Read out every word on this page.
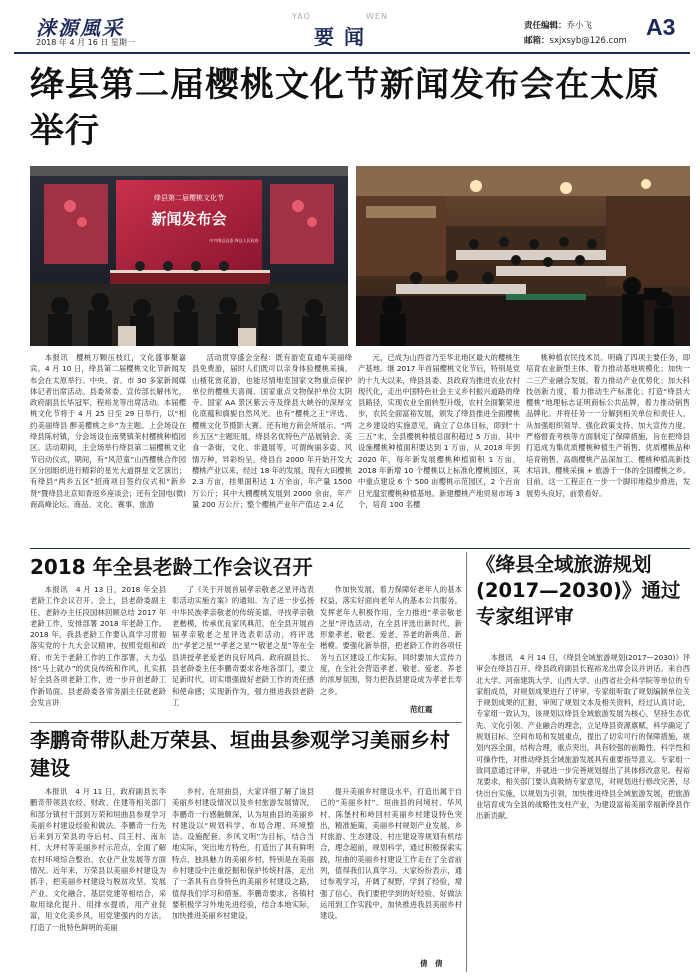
涞源風采
2018 年 4 月 16 日 星期一
YAO	WEN
要闻	责任编辑：乔小飞
邮箱：sxjxsyb@126.com
A3
绛县第二届樱桃文化节新闻发布会在太原举行
绛县第二届樱桃文化节
新闻发布会
中共绛县县委 绛县人民政府

本报讯　樱桃万颗压枝红，文化盛事聚嘉宾。4 月 10 日，绛县第二届樱桃文化节新闻发布会在太原举行。中央、省、市 30 多家新闻媒体记者出席活动。县委常委、宣传部长解伟光，政府副县长毕冠军，程裕龙等出席活动。本届樱桃文化节将于 4 月 25 日至 29 日举行，以“相约美丽绛县 醉美樱桃之乡”为主题。上会场设在绛县陈村镇，分会场设在南樊镇茉村樱桃种植园区。活动期间，主会场举行绛县第二届樱桃文化节启动仪式，期间，有“风范童”山西樱桃合作园区分园组织进行精彩的星光大道群星文艺演出；有绛县“两乡五区”招商项目签约仪式和“新乡贤”暨绛县北京知青返乡座谈会；还有全国电(微)商高峰论坛。商品、文化、赛事、旅游

活动贯穿盛会全程：既有游览直通车美丽绛县免费游，届时人们既可以亲身体验樱桃采摘，山楂花赏花游，也能尽情地览国家文物重点保护单位的樱桃天喜阁、国家重点文物保护单位太阴寺、国家 AA 景区紫云寺及绛县大峡谷的深厚文化底蕴和旖旎自然风光。也有“樱桃之王”评选、樱桃文化节摄影大赛、还有地方商会所展示、“两乡五区”主题旺展，绛县名优特色产品展销会、美食一条街，文化、非遗展等，可谓绚丽多姿、风情万种，异彩纷呈。绛县自 2000 年开始开发大樱桃产业以来，经过 18 年的发展，现有大田樱桃 2.3 万亩，挂果面积达 1 万余亩，年产量 1500 万公斤；其中大棚樱桃发展到 2000 余亩，年产量 200 万公斤；整个樱桃产业年产值达 2.4 亿

元，已成为山西省乃至华北地区最大的樱桃生产基地。继 2017 年首届樱桃文化节后，特别是党的十九大以来，绛县县委、县政府为推进农业农村现代化，走出中国特色社会主义乡村振兴道路的绛县路径，实现农业全面转型升级，农村全面繁荣进步，农民全面富裕发展，颁发了绛县推进全面樱桃之乡建设的实施意见，确立了总体目标，即到“十三五”末，全县樱桃种植总面积超过 5 万亩，其中设施樱桃种植面积要达到 1 万亩，从 2018 年到 2020 年，每年新发展樱桃种植面积 1 万亩，2018 年新增 10 个樱桃以上标准化樱桃园区，其中重点建设 6 个 500 亩樱桃示范园区，2 个百亩日光温室樱桃种植基地。新建樱桃产地贸易市场 3 个，培育 100 名樱

桃种植农民技术员。明确了四项主要任务，即培育农业新型主体，着力推动基地规模化；加快一二三产业融合发展，着力推动产业优势化；加大科技创新力度，着力推动生产标准化；打造“绛县大樱桃”地理标志证明商标公共品牌，着力推动销售品牌化。并将任务一一分解到相关单位和责任人，从加强组织领导、强化政策支持、加大宣传力度、严格督查考核等方面制定了保障措施，旨在把绛县打造成为集优质樱桃种植生产销售、优质樱桃品种培育销售、高端樱桃产品深加工、樱桃种植高新技术培训、樱桃采摘 + 旅游于一体的全国樱桃之乡。目前，这一工程正在一步一个脚印地稳步推进，发展势头良好，前景看好。

2018 年全县老龄工作会议召开

本报讯　4 月 13 日，2018 年全县老龄工作会议召开。会上，县老龄委副主任、老龄办主任段国林回顾总结 2017 年老龄工作，安排部署 2018 年老龄工作。2018 年，我县老龄工作要认真学习贯彻落实党的十九大会议精神，按照党组和政府、市关于老龄工作的工作部署，大力弘扬“马上就办”的优良传统和作风，扎实抓好全县各项老龄工作，进一步开创老龄工作新局面。县老龄委各常务副主任就老龄会发言讲

了《关于开展首届孝亲敬老之星评选表彰活动实施方案》的通知。为了进一步弘扬中华民族孝亲敬老的传统美德，寻找孝亲敬老楷模，传承优良家风典范，在全县开展首届孝亲敬老之星评选表彰活动，将评选出“孝老之星”“孝老之星”“敬老之星”等在全县讲授孝老爱老的良好风尚。政府副县长、县老龄委主任李鹏奇要求各地各部门，要立足新时代，切实增强做好老龄工作的责任感和使命感；实现新作为，强力推进我县老龄工

作加快发展，着力保障好老年人的基本权益，落实好面向老年人的基本公共服务，发挥老年人积极作用，全力推进“孝亲敬老之星”评选活动，在全县评选出新时代、新形象孝老、敬老、爱老、养老的新典范、新楷模。要强化新举措，把老龄工作的各项任务与五区建设工作实际，同时要加大宣传力度，在全社会营造孝老、敬老、爱老、养老的浓厚氛围，努力把我县建设成为孝老长寿之乡。

范红霞
李鹏奇带队赴万荣县、垣曲县参观学习美丽乡村建设

本报讯　4 月 11 日，政府副县长李鹏奇带领县农经、财政、住建等相关部门和部分镇村干部到万荣和垣曲县参观学习美丽乡村建设经验和做法。李鹏奇一行先后来到万荣县的寺后村、闫王村、南东村、大坪村等美丽乡村示范点，全面了解农村环境综合整治、农业产业发展等方面情况。近年来，万荣县以美丽乡村建设为抓手，把美丽乡村建设与脱贫攻坚、发展产业、文化融合、基层党建等相结合，采取用绿化提升、用排水提质，用产业促富，用文化美乡风，用党建强内的方法，打造了一批特色鲜明的美丽

乡村。在垣曲县，大家详细了解了该县美丽乡村建设情况以及乡村旅游发展情况，李鹏奇一行感触颇深，认为垣曲县的美丽乡村建设以“规划科学、布局合理、环境整洁、设施配套、乡风文明”为目标，结合当地实际，突出地方特色，打造出了具有鲜明特点、独具魅力的美丽乡村，特别是在美丽乡村建设中注重挖掘和保护传统村落，走出了一条具有自身特色的美丽乡村建设之路，值得我们学习和借鉴。李鹏奇要求，各镇村要积极学习外地先进经验，结合本地实际，加快推进美丽乡村建设，

提升美丽乡村建设水平，打造出属于自己的“美丽乡村”。垣曲县的问境村、华风村、陈堡村和岭回村美丽乡村建设特色突出，精准施策，美丽乡村规划产业发展、乡村旅游、生态建设、村庄建设等规划有机结合，理念超前，规划科学，通过积极探索实践，垣曲的美丽乡村建设工作走在了全省前列，值得我们认真学习。大家纷纷表示，通过参观学习，开阔了视野，学到了经验，增强了信心，我们要把学到的好经验、好做法运用到工作实践中，加快推进我县美丽乡村建设。

倩　倩
《绛县全域旅游规划(2017—2030)》通过专家组评审

本报讯　4 月 14 日，《绛县全域旅游规划(2017—2030)》评审会在绛县召开。绛县政府副县长程裕龙出席会议并讲话。来自西北大学、河南建筑大学、山西大学、山西省社会科学院等单位的专家组成员，对规划成果进行了评审。专家组听取了规划编制单位关于规划成果的汇报，审阅了规划文本及相关资料，经过认真讨论，专家组一致认为，该规划以绛县全域旅游发展为核心，坚持生态优先、文化引领、产业融合的理念，立足绛县资源禀赋，科学确定了规划目标、空间布局和发展重点，提出了切实可行的保障措施，规划内容全面，结构合理，重点突出，具有较强的前瞻性、科学性和可操作性，对推动绛县全域旅游发展具有重要指导意义。专家组一致同意通过评审，并就进一步完善规划提出了具体修改意见。程裕龙要求，相关部门要认真吸纳专家意见，对规划进行修改完善，尽快出台实施，以规划为引领，加快推进绛县全域旅游发展，把旅游业培育成为全县的战略性支柱产业，为建设富裕美丽幸福新绛县作出新贡献。
